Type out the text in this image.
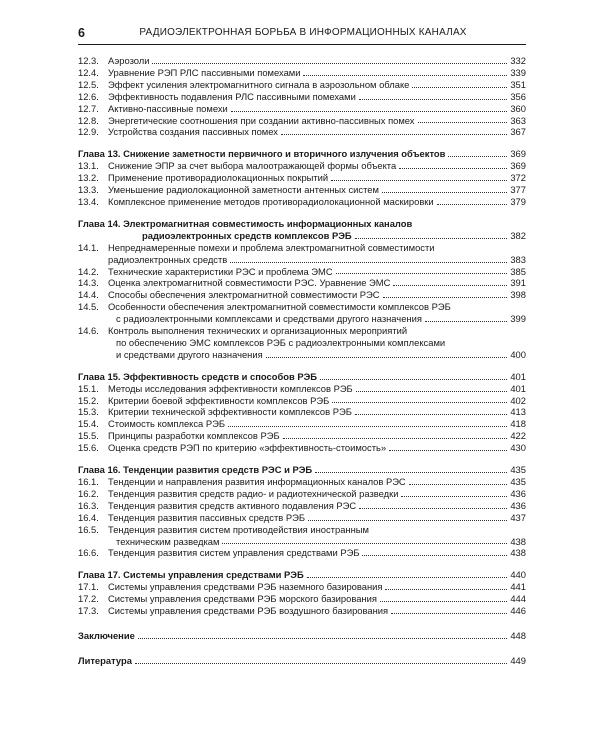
6	РАДИОЭЛЕКТРОННАЯ БОРЬБА В ИНФОРМАЦИОННЫХ КАНАЛАХ
12.3. Аэрозоли	332
12.4. Уравнение РЭП РЛС пассивными помехами	339
12.5. Эффект усиления электромагнитного сигнала в аэрозольном облаке	351
12.6. Эффективность подавления РЛС пассивными помехами	356
12.7. Активно-пассивные помехи	360
12.8. Энергетические соотношения при создании активно-пассивных помех	363
12.9. Устройства создания пассивных помех	367
Глава 13. Снижение заметности первичного и вторичного излучения объектов	369
13.1. Снижение ЭПР за счет выбора малоотражающей формы объекта	369
13.2. Применение противорадиолокационных покрытий	372
13.3. Уменьшение радиолокационной заметности антенных систем	377
13.4. Комплексное применение методов противорадиолокационной маскировки	379
Глава 14. Электромагнитная совместимость информационных каналов
радиоэлектронных средств комплексов РЭБ	382
14.1. Непреднамеренные помехи и проблема электромагнитной совместимости
радиоэлектронных средств	383
14.2. Технические характеристики РЭС и проблема ЭМС	385
14.3. Оценка электромагнитной совместимости РЭС. Уравнение ЭМС	391
14.4. Способы обеспечения электромагнитной совместимости РЭС	398
14.5. Особенности обеспечения электромагнитной совместимости комплексов РЭБ
с радиоэлектронными комплексами и средствами другого назначения	399
14.6. Контроль выполнения технических и организационных мероприятий
по обеспечению ЭМС комплексов РЭБ с радиоэлектронными комплексами
и средствами другого назначения	400
Глава 15. Эффективность средств и способов РЭБ	401
15.1. Методы исследования эффективности комплексов РЭБ	401
15.2. Критерии боевой эффективности комплексов РЭБ	402
15.3. Критерии технической эффективности комплексов РЭБ	413
15.4. Стоимость комплекса РЭБ	418
15.5. Принципы разработки комплексов РЭБ	422
15.6. Оценка средств РЭП по критерию «эффективность-стоимость»	430
Глава 16. Тенденции развития средств РЭС и РЭБ	435
16.1. Тенденции и направления развития информационных каналов РЭС	435
16.2. Тенденция развития средств радио- и радиотехнической разведки	436
16.3. Тенденция развития средств активного подавления РЭС	436
16.4. Тенденция развития пассивных средств РЭБ	437
16.5. Тенденция развития систем противодействия иностранным
техническим разведкам	438
16.6. Тенденция развития систем управления средствами РЭБ	438
Глава 17. Системы управления средствами РЭБ	440
17.1. Системы управления средствами РЭБ наземного базирования	441
17.2. Системы управления средствами РЭБ морского базирования	444
17.3. Системы управления средствами РЭБ воздушного базирования	446
Заключение	448
Литература	449
